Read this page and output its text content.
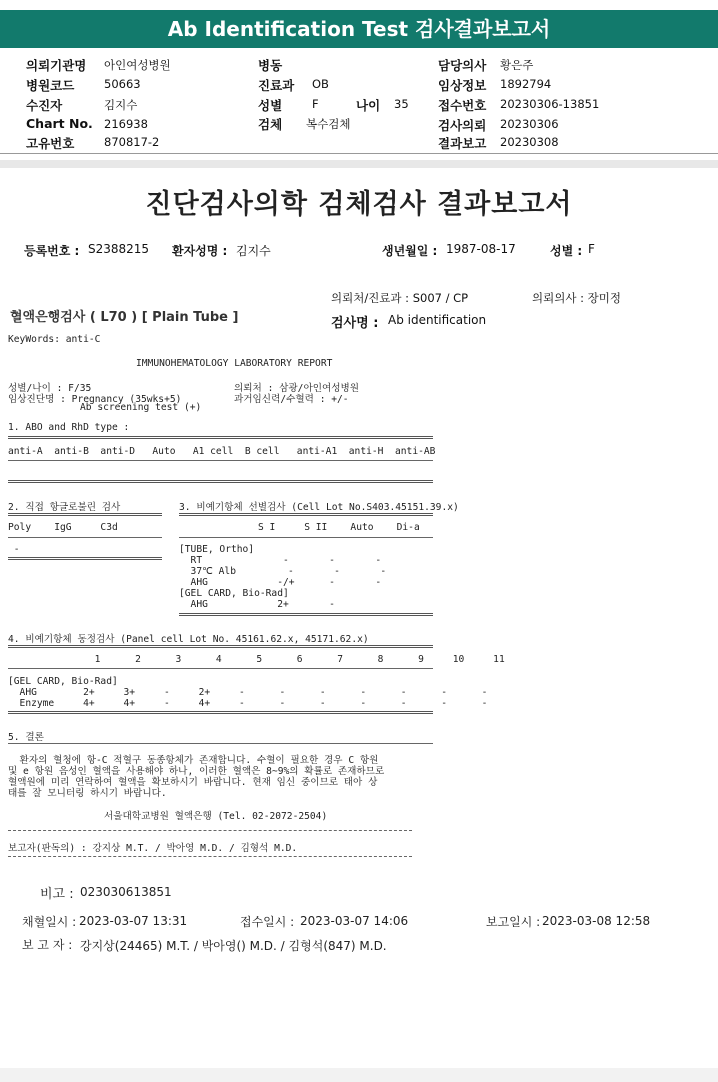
Ab Identification Test 검사결과보고서
의뢰기관명 아인여성병원	병동	담당의사 황은주
병원코드	50663	진료과 OB	임상정보 1892794
수진자	김지수	성별	F	나이 35 접수번호 20230306-13851
Chart No. 216938	검체 복수검체	검사의뢰 20230306
고유번호	870817-2	결과보고 20230308
진단검사의학 검체검사 결과보고서
등록번호 : S2388215 환자성명 : 김지수	생년월일 : 1987-08-17	성별 : F
의뢰처/진료과 : S007 / CP	의뢰의사 : 장미정
혈액은행검사 ( L70 ) [ Plain Tube ]	검사명 : Ab identification
KeyWords: anti-C
IMMUNOHEMATOLOGY LABORATORY REPORT
성별/나이 : F/35	의뢰처 : 삼광/아인여성병원
임상진단명 : Pregnancy (35wks+5)	과거임신력/수혈력 : +/-
Ab screening test (+)
1. ABO and RhD type :
anti-A  anti-B  anti-D   Auto   A1 cell  B cell   anti-A1  anti-H  anti-AB
2. 직접 항글로불린 검사
Poly    IgG     C3d
-
3. 비예기항체 선별검사 (Cell Lot No.S403.45151.39.x)
S I     S II    Auto    Di-a
[TUBE, Ortho]
RT              -       -       -
37℃ Alb         -       -       -
AHG            -/+      -       -
[GEL CARD, Bio-Rad]
AHG            2+       -
4. 비예기항체 동정검사 (Panel cell Lot No. 45161.62.x, 45171.62.x)
1      2      3      4      5      6      7      8      9     10     11
[GEL CARD, Bio-Rad]
AHG        2+     3+     -     2+     -      -      -      -      -      -      -
Enzyme     4+     4+     -     4+     -      -      -      -      -      -      -
5. 결론
환자의 혈청에 항-C 적혈구 동종항체가 존재합니다. 수혈이 필요한 경우 C 항원
및 e 항원 음성인 혈액을 사용해야 하나, 이러한 혈액은 8~9%의 확률로 존재하므로
혈액원에 미리 연락하여 혈액을 확보하시기 바랍니다. 현재 임신 중이므로 태아 상
태를 잘 모니터링 하시기 바랍니다.
서울대학교병원 혈액은행 (Tel. 02-2072-2504)
보고자(판독의) : 강지상 M.T. / 박아영 M.D. / 김형석 M.D.
비고 : 023030613851
채혈일시 : 2023-03-07 13:31	접수일시 : 2023-03-07 14:06	보고일시 : 2023-03-08 12:58
보 고 자 : 강지상(24465) M.T. / 박아영() M.D. / 김형석(847) M.D.
